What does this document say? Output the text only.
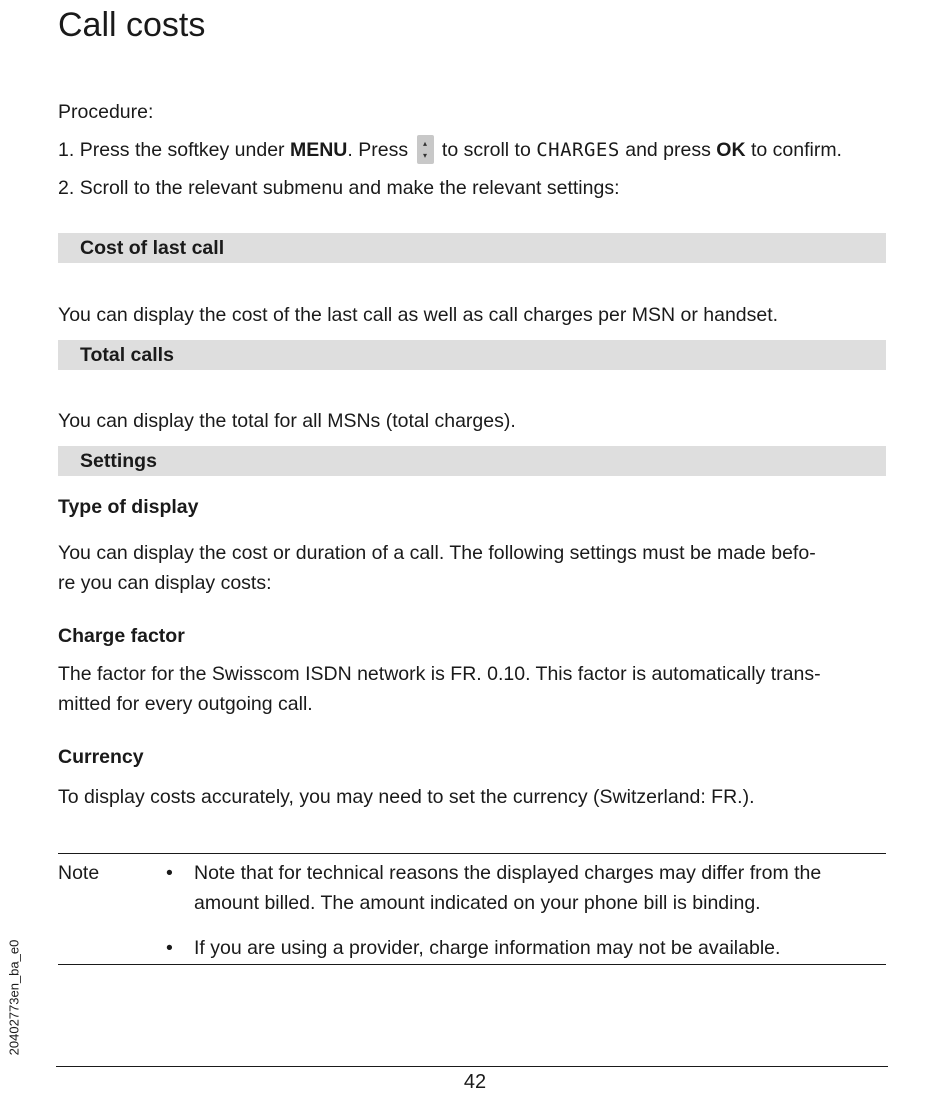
Call costs

Procedure:

1. Press the softkey under MENU. Press	▴
▾ to scroll to CHARGES and press OK to confirm.
2. Scroll to the relevant submenu and make the relevant settings:
Cost of last call

You can display the cost of the last call as well as call charges per MSN or handset.

Total calls

You can display the total for all MSNs (total charges).

Settings
Type of display
You can display the cost or duration of a call. The following settings must be made befo-
re you can display costs:
Charge factor
The factor for the Swisscom ISDN network is FR. 0.10. This factor is automatically trans-
mitted for every outgoing call.
Currency
To display costs accurately, you may need to set the currency (Switzerland: FR.).
Note	• Note that for technical reasons the displayed charges may differ from the
amount billed. The amount indicated on your phone bill is binding.
• If you are using a provider, charge information may not be available.
20402773en_ba_e0
42
